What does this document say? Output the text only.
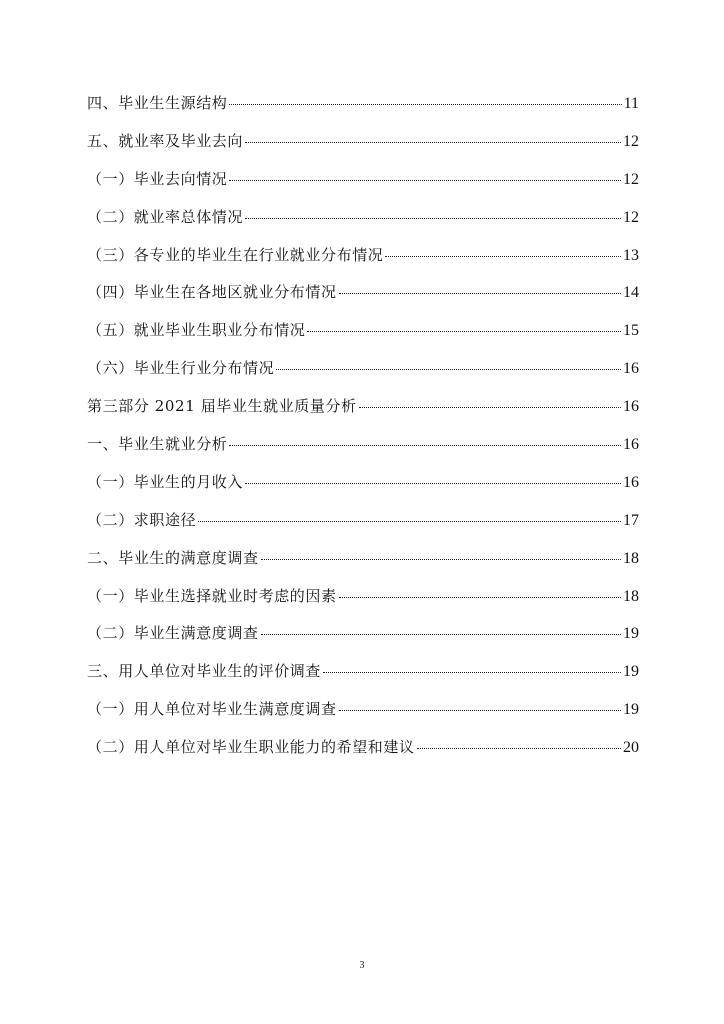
四、毕业生生源结构	11
五、就业率及毕业去向	12
（一）毕业去向情况	12
（二）就业率总体情况	12
（三）各专业的毕业生在行业就业分布情况	13
（四）毕业生在各地区就业分布情况	14
（五）就业毕业生职业分布情况	15
（六）毕业生行业分布情况	16
第三部分 2021 届毕业生就业质量分析	16
一、毕业生就业分析	16
（一）毕业生的月收入	16
（二）求职途径	17
二、毕业生的满意度调查	18
（一）毕业生选择就业时考虑的因素	18
（二）毕业生满意度调查	19
三、用人单位对毕业生的评价调查	19
（一）用人单位对毕业生满意度调查	19
（二）用人单位对毕业生职业能力的希望和建议	20
3
